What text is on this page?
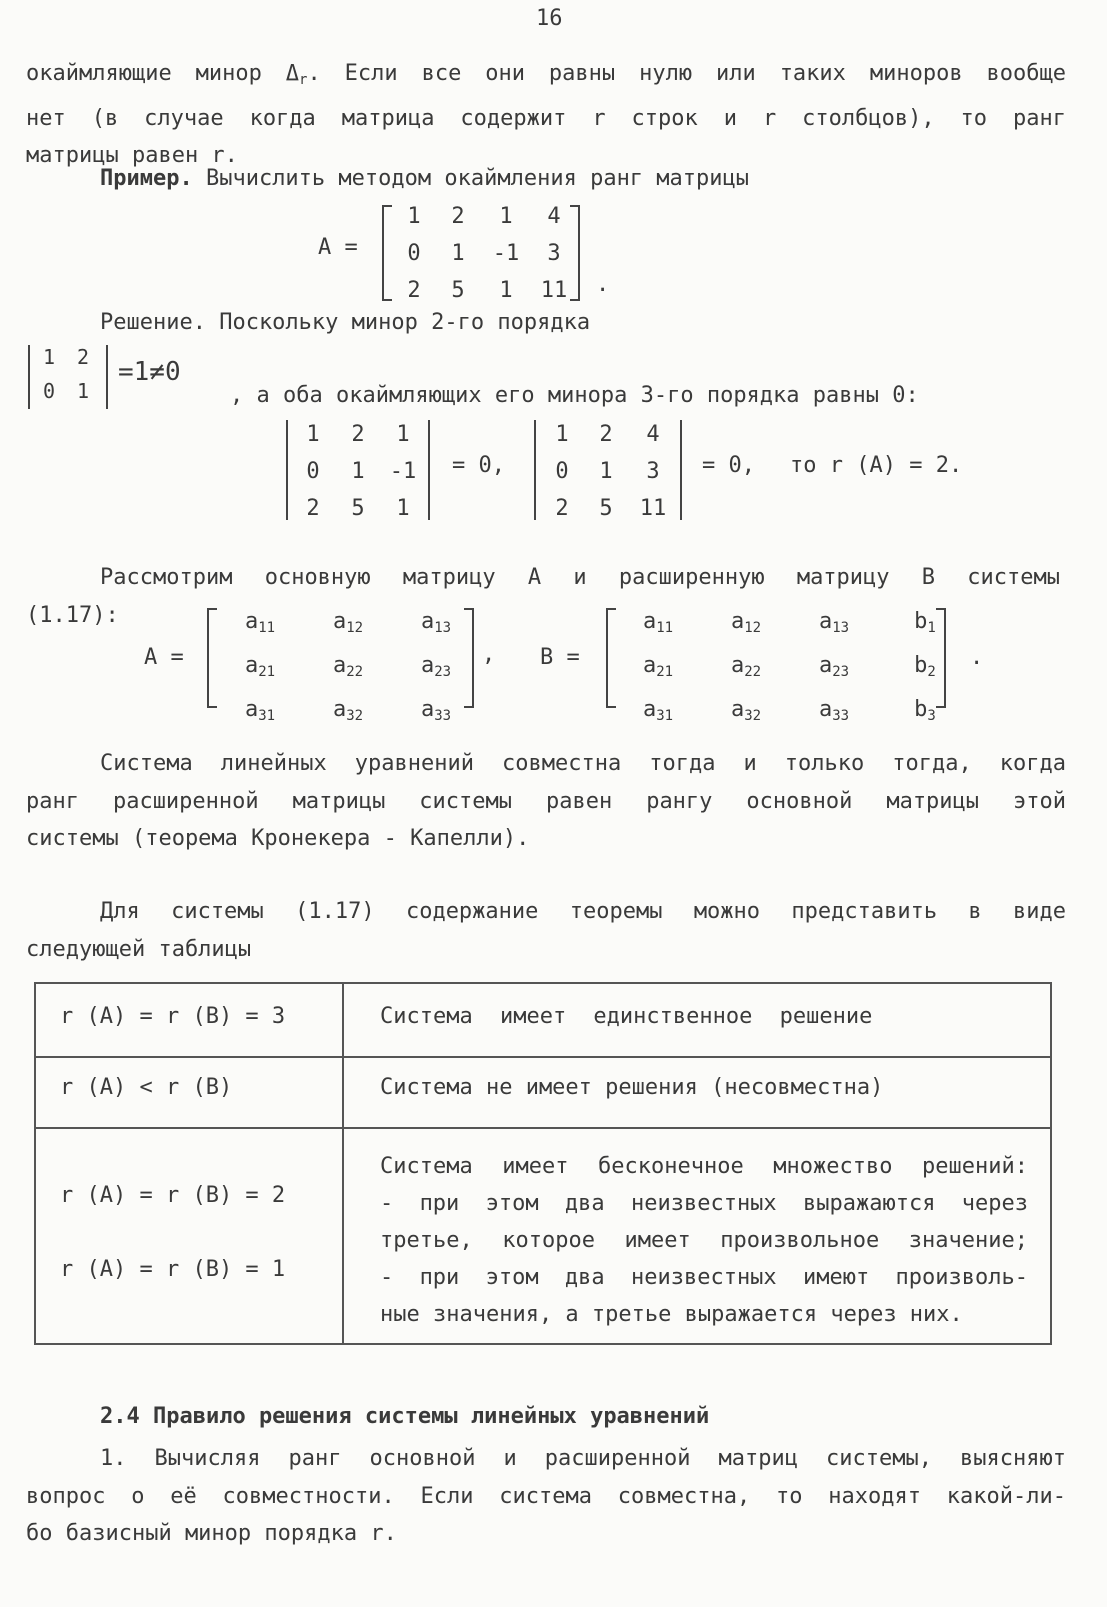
16
окаймляющие минор $\Delta_r$. Если все они равны нулю или таких миноров вообще
нет (в случае когда матрица содержит r строк и r столбцов), то ранг
матрицы равен r.
Пример. Вычислить методом окаймления ранг матрицы
A =
1	2	1	4
0	1	-1	3
2	5	1	11	.
Решение. Поскольку минор 2-го порядка
1	2
0	1
=1≠0
, а оба окаймляющих его минора 3-го порядка равны 0:
1	2	1
0	1	-1
2	5	1
= 0,
1	2	4
0	1	3
2	5	11
= 0, то r (A) = 2.
Рассмотрим основную матрицу A и расширенную матрицу B системы
(1.17):
A =
$a_{11}$	$a_{12}$	$a_{13}$
$a_{21}$	$a_{22}$	$a_{23}$
$a_{31}$	$a_{32}$	$a_{33}$
, B =
$a_{11}$	$a_{12}$	$a_{13}$	$b_1$
$a_{21}$	$a_{22}$	$a_{23}$	$b_2$
$a_{31}$	$a_{32}$	$a_{33}$	$b_3$
.
Система линейных уравнений совместна тогда и только тогда, когда
ранг расширенной матрицы системы равен рангу основной матрицы этой
системы (теорема Кронекера - Капелли).
Для системы (1.17) содержание теоремы можно представить в виде
следующей таблицы
r (A) = r (B) = 3	Система имеет единственное решение
r (A) < r (B)	Система не имеет решения (несовместна)
r (A) = r (B) = 2
r (A) = r (B) = 1
Система имеет бесконечное множество решений:
- при этом два неизвестных выражаются через
третье, которое имеет произвольное значение;
- при этом два неизвестных имеют произволь-
ные значения, а третье выражается через них.
2.4 Правило решения системы линейных уравнений
1. Вычисляя ранг основной и расширенной матриц системы, выясняют
вопрос о её совместности. Если система совместна, то находят какой-ли-
бо базисный минор порядка r.
